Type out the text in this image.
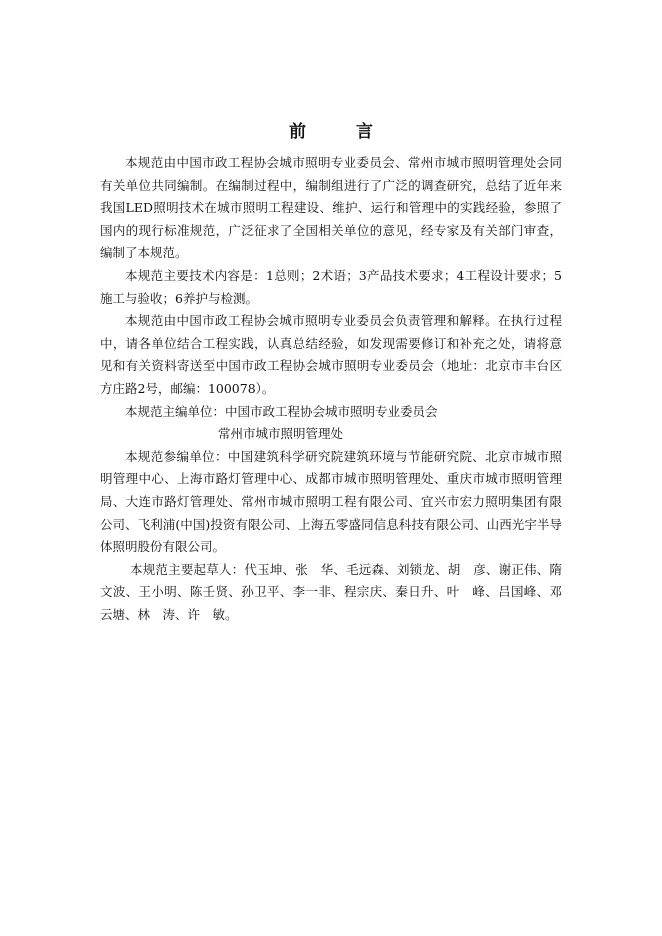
前 言

本规范由中国市政工程协会城市照明专业委员会、常州市城市照明管理处会同有关单位共同编制。在编制过程中，编制组进行了广泛的调查研究，总结了近年来我国LED照明技术在城市照明工程建设、维护、运行和管理中的实践经验，参照了国内的现行标准规范，广泛征求了全国相关单位的意见，经专家及有关部门审查，编制了本规范。

本规范主要技术内容是：1总则；2术语；3产品技术要求；4工程设计要求；5施工与验收；6养护与检测。

本规范由中国市政工程协会城市照明专业委员会负责管理和解释。在执行过程中，请各单位结合工程实践，认真总结经验，如发现需要修订和补充之处，请将意见和有关资料寄送至中国市政工程协会城市照明专业委员会（地址：北京市丰台区方庄路2号，邮编：100078）。

本规范主编单位：中国市政工程协会城市照明专业委员会

常州市城市照明管理处

本规范参编单位：中国建筑科学研究院建筑环境与节能研究院、北京市城市照明管理中心、上海市路灯管理中心、成都市城市照明管理处、重庆市城市照明管理局、大连市路灯管理处、常州市城市照明工程有限公司、宜兴市宏力照明集团有限公司、飞利浦(中国)投资有限公司、上海五零盛同信息科技有限公司、山西光宇半导体照明股份有限公司。

本规范主要起草人：代玉坤、张　华、毛远森、刘锁龙、胡　彦、谢正伟、隋文波、王小明、陈壬贤、孙卫平、李一非、程宗庆、秦日升、叶　峰、吕国峰、邓云塘、林　涛、许　敏。
